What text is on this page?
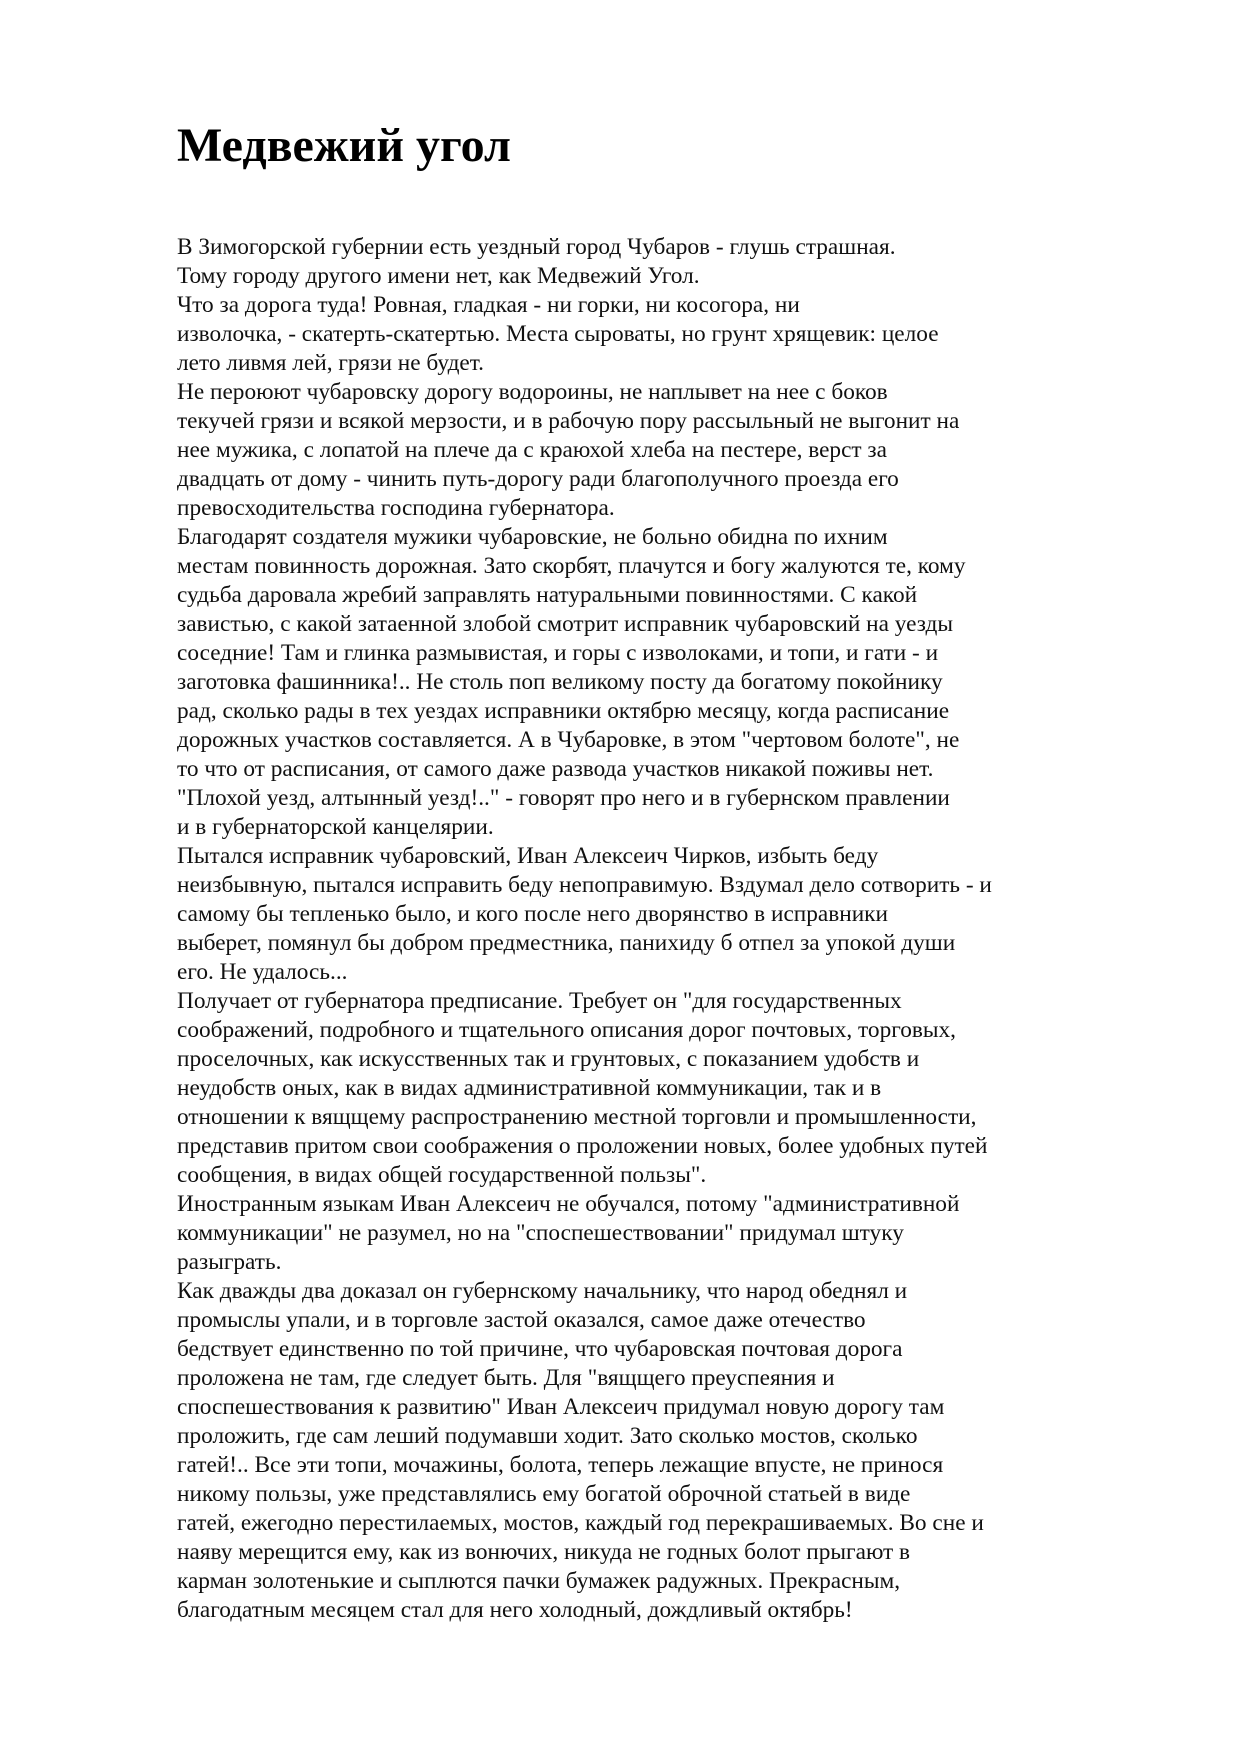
Медвежий угол
В Зимогорской губернии есть уездный город Чубаров - глушь страшная.
Тому городу другого имени нет, как Медвежий Угол.
Что за дорога туда! Ровная, гладкая - ни горки, ни косогора, ни
изволочка, - скатерть-скатертью. Места сыроваты, но грунт хрящевик: целое
лето ливмя лей, грязи не будет.
Не пероюют чубаровску дорогу водороины, не наплывет на нее с боков
текучей грязи и всякой мерзости, и в рабочую пору рассыльный не выгонит на
нее мужика, с лопатой на плече да с краюхой хлеба на пестере, верст за
двадцать от дому - чинить путь-дорогу ради благополучного проезда его
превосходительства господина губернатора.
Благодарят создателя мужики чубаровские, не больно обидна по ихним
местам повинность дорожная. Зато скорбят, плачутся и богу жалуются те, кому
судьба даровала жребий заправлять натуральными повинностями. С какой
завистью, с какой затаенной злобой смотрит исправник чубаровский на уезды
соседние! Там и глинка размывистая, и горы с изволоками, и топи, и гати - и
заготовка фашинника!.. Не столь поп великому посту да богатому покойнику
рад, сколько рады в тех уездах исправники октябрю месяцу, когда расписание
дорожных участков составляется. А в Чубаровке, в этом "чертовом болоте", не
то что от расписания, от самого даже развода участков никакой поживы нет.
"Плохой уезд, алтынный уезд!.." - говорят про него и в губернском правлении
и в губернаторской канцелярии.
Пытался исправник чубаровский, Иван Алексеич Чирков, избыть беду
неизбывную, пытался исправить беду непоправимую. Вздумал дело сотворить - и
самому бы тепленько было, и кого после него дворянство в исправники
выберет, помянул бы добром предместника, панихиду б отпел за упокой души
его. Не удалось...
Получает от губернатора предписание. Требует он "для государственных
соображений, подробного и тщательного описания дорог почтовых, торговых,
проселочных, как искусственных так и грунтовых, с показанием удобств и
неудобств оных, как в видах административной коммуникации, так и в
отношении к вящщему распространению местной торговли и промышленности,
представив притом свои соображения о проложении новых, более удобных путей
сообщения, в видах общей государственной пользы".
Иностранным языкам Иван Алексеич не обучался, потому "административной
коммуникации" не разумел, но на "споспешествовании" придумал штуку
разыграть.
Как дважды два доказал он губернскому начальнику, что народ обеднял и
промыслы упали, и в торговле застой оказался, самое даже отечество
бедствует единственно по той причине, что чубаровская почтовая дорога
проложена не там, где следует быть. Для "вящщего преуспеяния и
споспешествования к развитию" Иван Алексеич придумал новую дорогу там
проложить, где сам леший подумавши ходит. Зато сколько мостов, сколько
гатей!.. Все эти топи, мочажины, болота, теперь лежащие впусте, не принося
никому пользы, уже представлялись ему богатой оброчной статьей в виде
гатей, ежегодно перестилаемых, мостов, каждый год перекрашиваемых. Во сне и
наяву мерещится ему, как из вонючих, никуда не годных болот прыгают в
карман золотенькие и сыплются пачки бумажек радужных. Прекрасным,
благодатным месяцем стал для него холодный, дождливый октябрь!
